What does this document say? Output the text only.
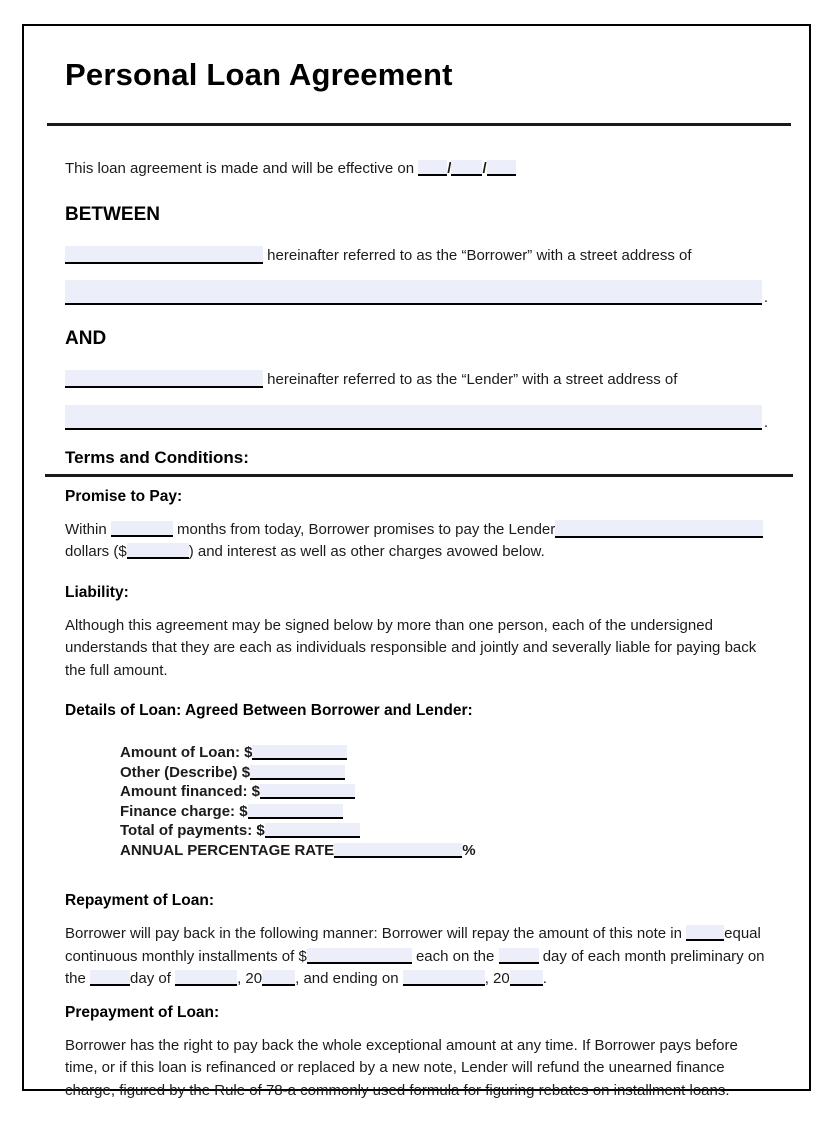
Personal Loan Agreement

This loan agreement is made and will be effective on / /

BETWEEN

hereinafter referred to as the “Borrower” with a street address of

.
AND

hereinafter referred to as the “Lender” with a street address of

.
Terms and Conditions:
Promise to Pay:

Within	months from today, Borrower promises to pay the Lender dollars ($	) and interest as well as other charges avowed below.

Liability:

Although this agreement may be signed below by more than one person, each of the undersigned understands that they are each as individuals responsible and jointly and severally liable for paying back the full amount.

Details of Loan: Agreed Between Borrower and Lender:
Amount of Loan: $
Other (Describe) $
Amount financed: $
Finance charge: $
Total of payments: $
ANNUAL PERCENTAGE RATE	%
Repayment of Loan:

Borrower will pay back in the following manner: Borrower will repay the amount of this note in	equal continuous monthly installments of $	each on the	day of each month preliminary on the	day of	, 20 , and ending on	, 20 .

Prepayment of Loan:

Borrower has the right to pay back the whole exceptional amount at any time. If Borrower pays before time, or if this loan is refinanced or replaced by a new note, Lender will refund the unearned finance charge, figured by the Rule of 78-a commonly used formula for figuring rebates on installment loans.
